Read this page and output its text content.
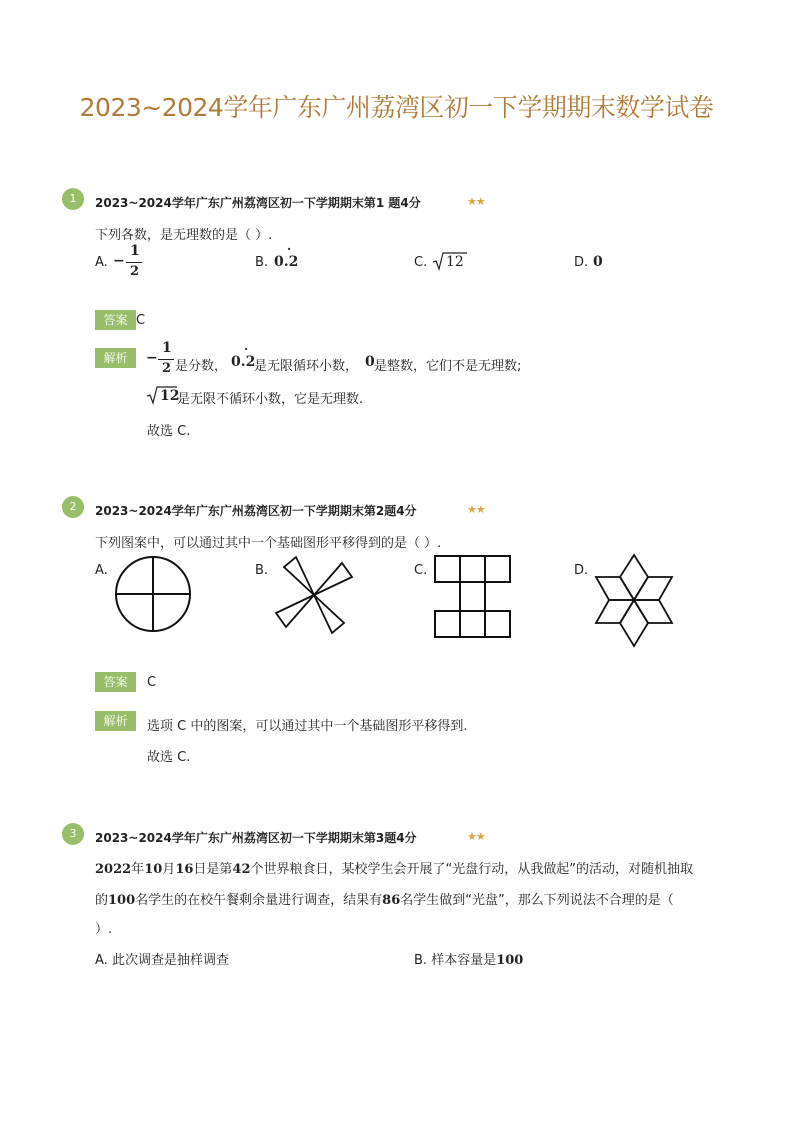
2023~2024学年广东广州荔湾区初一下学期期末数学试卷
1	2023~2024学年广东广州荔湾区初一下学期期末第1 题4分	★★
下列各数，是无理数的是（ ）.
A. −
1
2
B. 0.2
·
C. 12	D. 0
答案 C
解析	−
1
2 是分数， 0.2
·
是无限循环小数， 0 是整数，它们不是无理数;
12
是无限不循环小数，它是无理数.
故选 C.
2	2023~2024学年广东广州荔湾区初一下学期期末第2题4分	★★
下列图案中，可以通过其中一个基础图形平移得到的是（ ）.
A.	B.	C.	D.
答案	C
解析	选项 C 中的图案，可以通过其中一个基础图形平移得到.
故选 C.
3	2023~2024学年广东广州荔湾区初一下学期期末第3题4分	★★
2022年10月16日是第42个世界粮食日，某校学生会开展了“光盘行动，从我做起”的活动，对随机抽取
的100名学生的在校午餐剩余量进行调查，结果有86名学生做到“光盘”，那么下列说法不合理的是（
）.
A. 此次调查是抽样调查	B. 样本容量是100
